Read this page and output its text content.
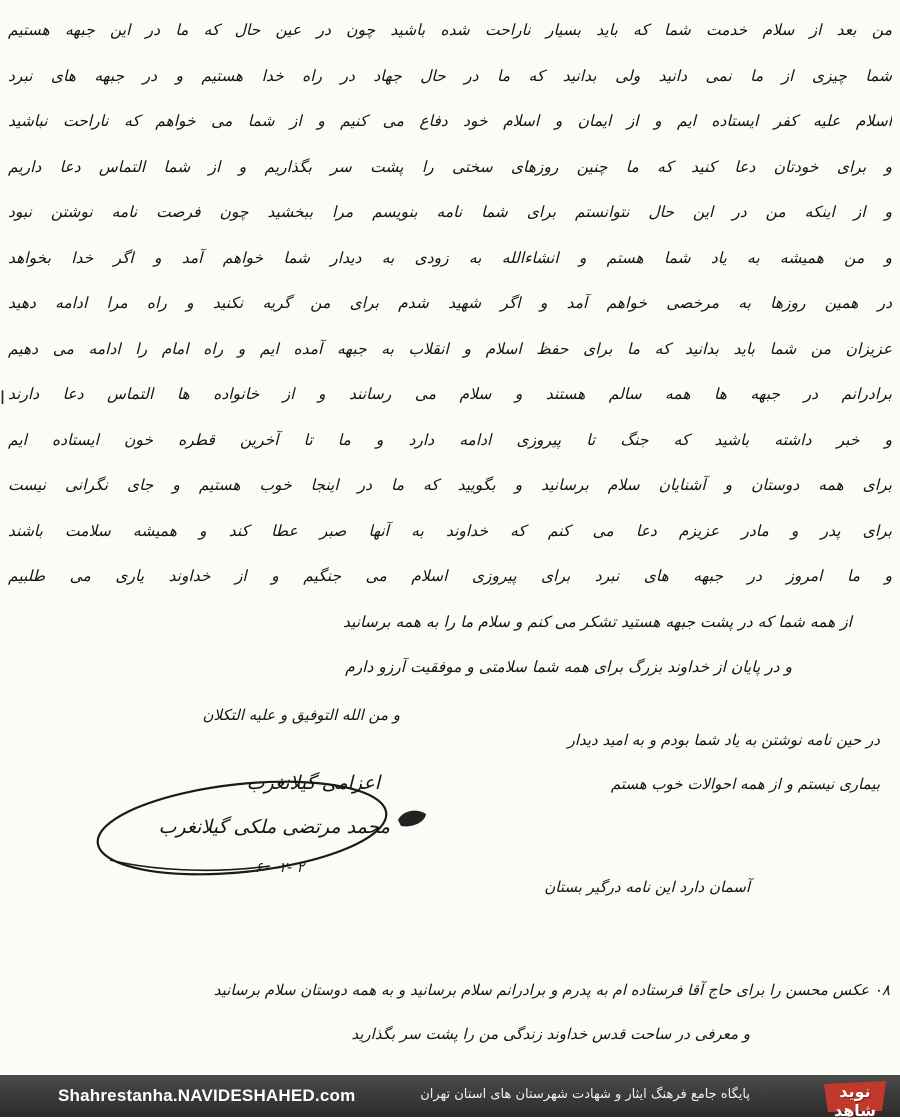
ا
من بعد از سلام خدمت شما که باید بسیار ناراحت شده باشید چون در عین حال که ما در این جبهه هستیم
شما چیزی از ما نمی دانید ولی بدانید که ما در حال جهاد در راه خدا هستیم و در جبهه های نبرد
اسلام علیه کفر ایستاده ایم و از ایمان و اسلام خود دفاع می کنیم و از شما می خواهم که ناراحت نباشید
و برای خودتان دعا کنید که ما چنین روزهای سختی را پشت سر بگذاریم و از شما التماس دعا داریم
و از اینکه من در این حال نتوانستم برای شما نامه بنویسم مرا ببخشید چون فرصت نامه نوشتن نبود
و من همیشه به یاد شما هستم و انشاءالله به زودی به دیدار شما خواهم آمد و اگر خدا بخواهد
در همین روزها به مرخصی خواهم آمد و اگر شهید شدم برای من گریه نکنید و راه مرا ادامه دهید
عزیزان من شما باید بدانید که ما برای حفظ اسلام و انقلاب به جبهه آمده ایم و راه امام را ادامه می دهیم
برادرانم در جبهه ها همه سالم هستند و سلام می رسانند و از خانواده ها التماس دعا دارند
و خبر داشته باشید که جنگ تا پیروزی ادامه دارد و ما تا آخرین قطره خون ایستاده ایم
برای همه دوستان و آشنایان سلام برسانید و بگویید که ما در اینجا خوب هستیم و جای نگرانی نیست
برای پدر و مادر عزیزم دعا می کنم که خداوند به آنها صبر عطا کند و همیشه سلامت باشند
و ما امروز در جبهه های نبرد برای پیروزی اسلام می جنگیم و از خداوند یاری می طلبیم
از همه شما که در پشت جبهه هستید تشکر می کنم و سلام ما را به همه برسانید
و در پایان از خداوند بزرگ برای همه شما سلامتی و موفقیت آرزو دارم
و من الله التوفیق و علیه التکلان
در حین نامه نوشتن به یاد شما بودم و به امید دیدار
بیماری نیستم و از همه احوالات خوب هستم
اعزامی گیلانغرب
محمد مرتضی ملکی گیلانغرب
۶۰ -۲- ۲
آسمان دارد این نامه درگیر بستان
۰۸ عکس محسن را برای حاج آقا فرستاده ام به پدرم و برادرانم سلام برسانید و به همه دوستان سلام برسانید
و معرفی در ساحت قدس خداوند زندگی من را پشت سر بگذارید
Shahrestanha.NAVIDESHAHED.com	پایگاه جامع فرهنگ ایثار و شهادت شهرستان های استان تهران	نوید شاهد
